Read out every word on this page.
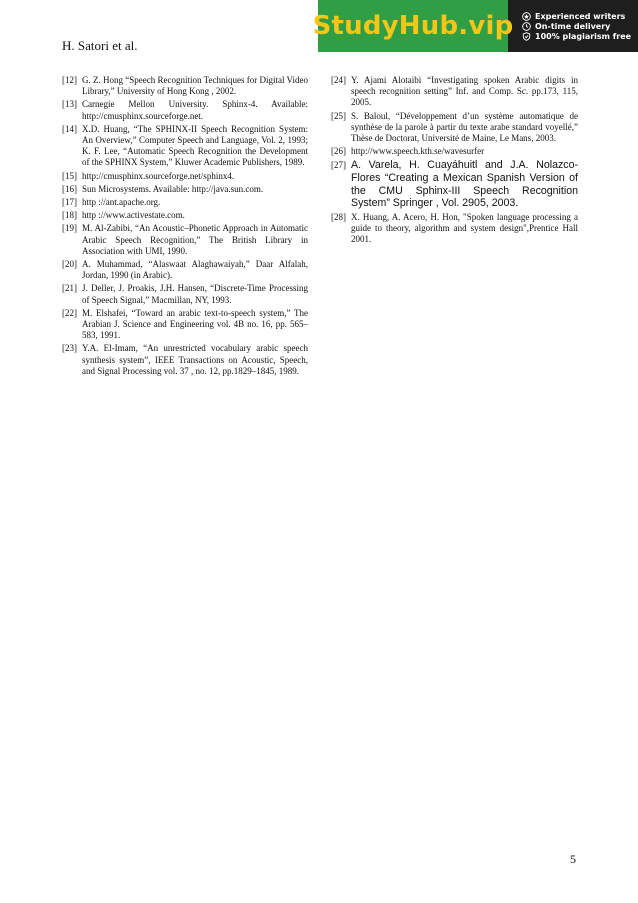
H. Satori et al.
StudyHub.vip	Experienced writers
On-time delivery
100% plagiarism free
[12] G. Z. Hong “Speech Recognition Techniques for Digital Video Library,” University of Hong Kong , 2002.
[13] Carnegie Mellon University. Sphinx-4. Available: http://cmusphinx.sourceforge.net.
[14] X.D. Huang, “The SPHINX-II Speech Recognition System: An Overview,” Computer Speech and Language, Vol. 2, 1993; K. F. Lee, “Automatic Speech Recognition the Development of the SPHINX System,” Kluwer Academic Publishers, 1989.
[15] http://cmusphinx.sourceforge.net/sphinx4.
[16] Sun Microsystems. Available: http://java.sun.com.
[17] http ://ant.apache.org.
[18] http ://www.activestate.com.
[19] M. Al-Zabibi, “An Acoustic–Phonetic Approach in Automatic Arabic Speech Recognition,” The British Library in Association with UMI, 1990.
[20] A. Muhammad, “Alaswaat Alaghawaiyah,” Daar Alfalah, Jordan, 1990 (in Arabic).
[21] J. Deller, J. Proakis, J.H. Hansen, “Discrete-Time Processing of Speech Signal,” Macmillan, NY, 1993.
[22] M. Elshafei, “Toward an arabic text-to-speech system,” The Arabian J. Science and Engineering vol. 4B no. 16, pp. 565–583, 1991.
[23] Y.A. El-Imam, “An unrestricted vocabulary arabic speech synthesis system”, IEEE Transactions on Acoustic, Speech, and Signal Processing vol. 37 , no. 12, pp.1829–1845, 1989.
[24] Y. Ajami Alotaibi “Investigating spoken Arabic digits in speech recognition setting” Inf. and Comp. Sc. pp.173, 115, 2005.
[25] S. Baloul, “Développement d’un système automatique de synthèse de la parole à partir du texte arabe standard voyellé,” Thèse de Doctorat, Université de Maine, Le Mans, 2003.
[26] http://www.speech.kth.se/wavesurfer
[27] A. Varela, H. Cuayáhuitl and J.A. Nolazco-Flores “Creating a Mexican Spanish Version of the CMU Sphinx-III Speech Recognition System” Springer , Vol. 2905, 2003.
[28] X. Huang, A. Acero, H. Hon, "Spoken language processing a guide to theory, algorithm and system design",Prentice Hall 2001.
5
